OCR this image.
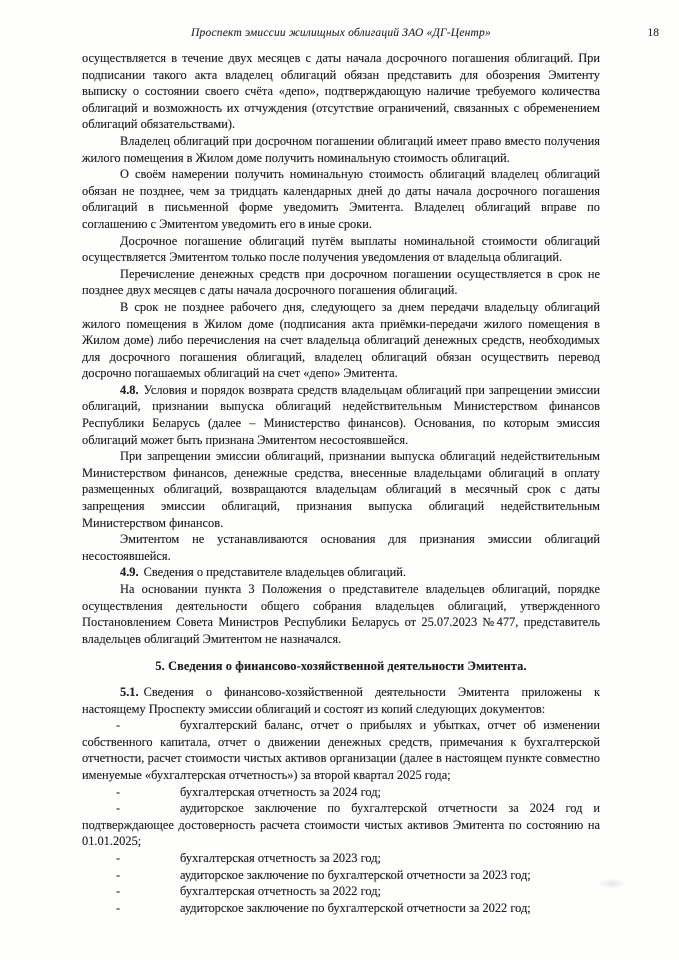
Проспект эмиссии жилищных облигаций ЗАО «ДГ-Центр»	18

осуществляется в течение двух месяцев с даты начала досрочного погашения облигаций. При подписании такого акта владелец облигаций обязан представить для обозрения Эмитенту выписку о состоянии своего счёта «депо», подтверждающую наличие требуемого количества облигаций и возможность их отчуждения (отсутствие ограничений, связанных с обременением облигаций обязательствами).

Владелец облигаций при досрочном погашении облигаций имеет право вместо получения жилого помещения в Жилом доме получить номинальную стоимость облигаций.

О своём намерении получить номинальную стоимость облигаций владелец облигаций обязан не позднее, чем за тридцать календарных дней до даты начала досрочного погашения облигаций в письменной форме уведомить Эмитента. Владелец облигаций вправе по соглашению с Эмитентом уведомить его в иные сроки.

Досрочное погашение облигаций путём выплаты номинальной стоимости облигаций осуществляется Эмитентом только после получения уведомления от владельца облигаций.

Перечисление денежных средств при досрочном погашении осуществляется в срок не позднее двух месяцев с даты начала досрочного погашения облигаций.

В срок не позднее рабочего дня, следующего за днем передачи владельцу облигаций жилого помещения в Жилом доме (подписания акта приёмки-передачи жилого помещения в Жилом доме) либо перечисления на счет владельца облигаций денежных средств, необходимых для досрочного погашения облигаций, владелец облигаций обязан осуществить перевод досрочно погашаемых облигаций на счет «депо» Эмитента.

4.8. Условия и порядок возврата средств владельцам облигаций при запрещении эмиссии облигаций, признании выпуска облигаций недействительным Министерством финансов Республики Беларусь (далее – Министерство финансов). Основания, по которым эмиссия облигаций может быть признана Эмитентом несостоявшейся.

При запрещении эмиссии облигаций, признании выпуска облигаций недействительным Министерством финансов, денежные средства, внесенные владельцами облигаций в оплату размещенных облигаций, возвращаются владельцам облигаций в месячный срок с даты запрещения эмиссии облигаций, признания выпуска облигаций недействительным Министерством финансов.

Эмитентом не устанавливаются основания для признания эмиссии облигаций несостоявшейся.

4.9. Сведения о представителе владельцев облигаций.

На основании пункта 3 Положения о представителе владельцев облигаций, порядке осуществления деятельности общего собрания владельцев облигаций, утвержденного Постановлением Совета Министров Республики Беларусь от 25.07.2023 №477, представитель владельцев облигаций Эмитентом не назначался.

5. Сведения о финансово-хозяйственной деятельности Эмитента.

5.1. Сведения о финансово-хозяйственной деятельности Эмитента приложены к настоящему Проспекту эмиссии облигаций и состоят из копий следующих документов:

-	бухгалтерский баланс, отчет о прибылях и убытках, отчет об изменении собственного капитала, отчет о движении денежных средств, примечания к бухгалтерской отчетности, расчет стоимости чистых активов организации (далее в настоящем пункте совместно именуемые «бухгалтерская отчетность») за второй квартал 2025 года;

-	бухгалтерская отчетность за 2024 год;

-	аудиторское заключение по бухгалтерской отчетности за 2024 год и подтверждающее достоверность расчета стоимости чистых активов Эмитента по состоянию на 01.01.2025;

-	бухгалтерская отчетность за 2023 год;

-	аудиторское заключение по бухгалтерской отчетности за 2023 год;

-	бухгалтерская отчетность за 2022 год;

-	аудиторское заключение по бухгалтерской отчетности за 2022 год;
